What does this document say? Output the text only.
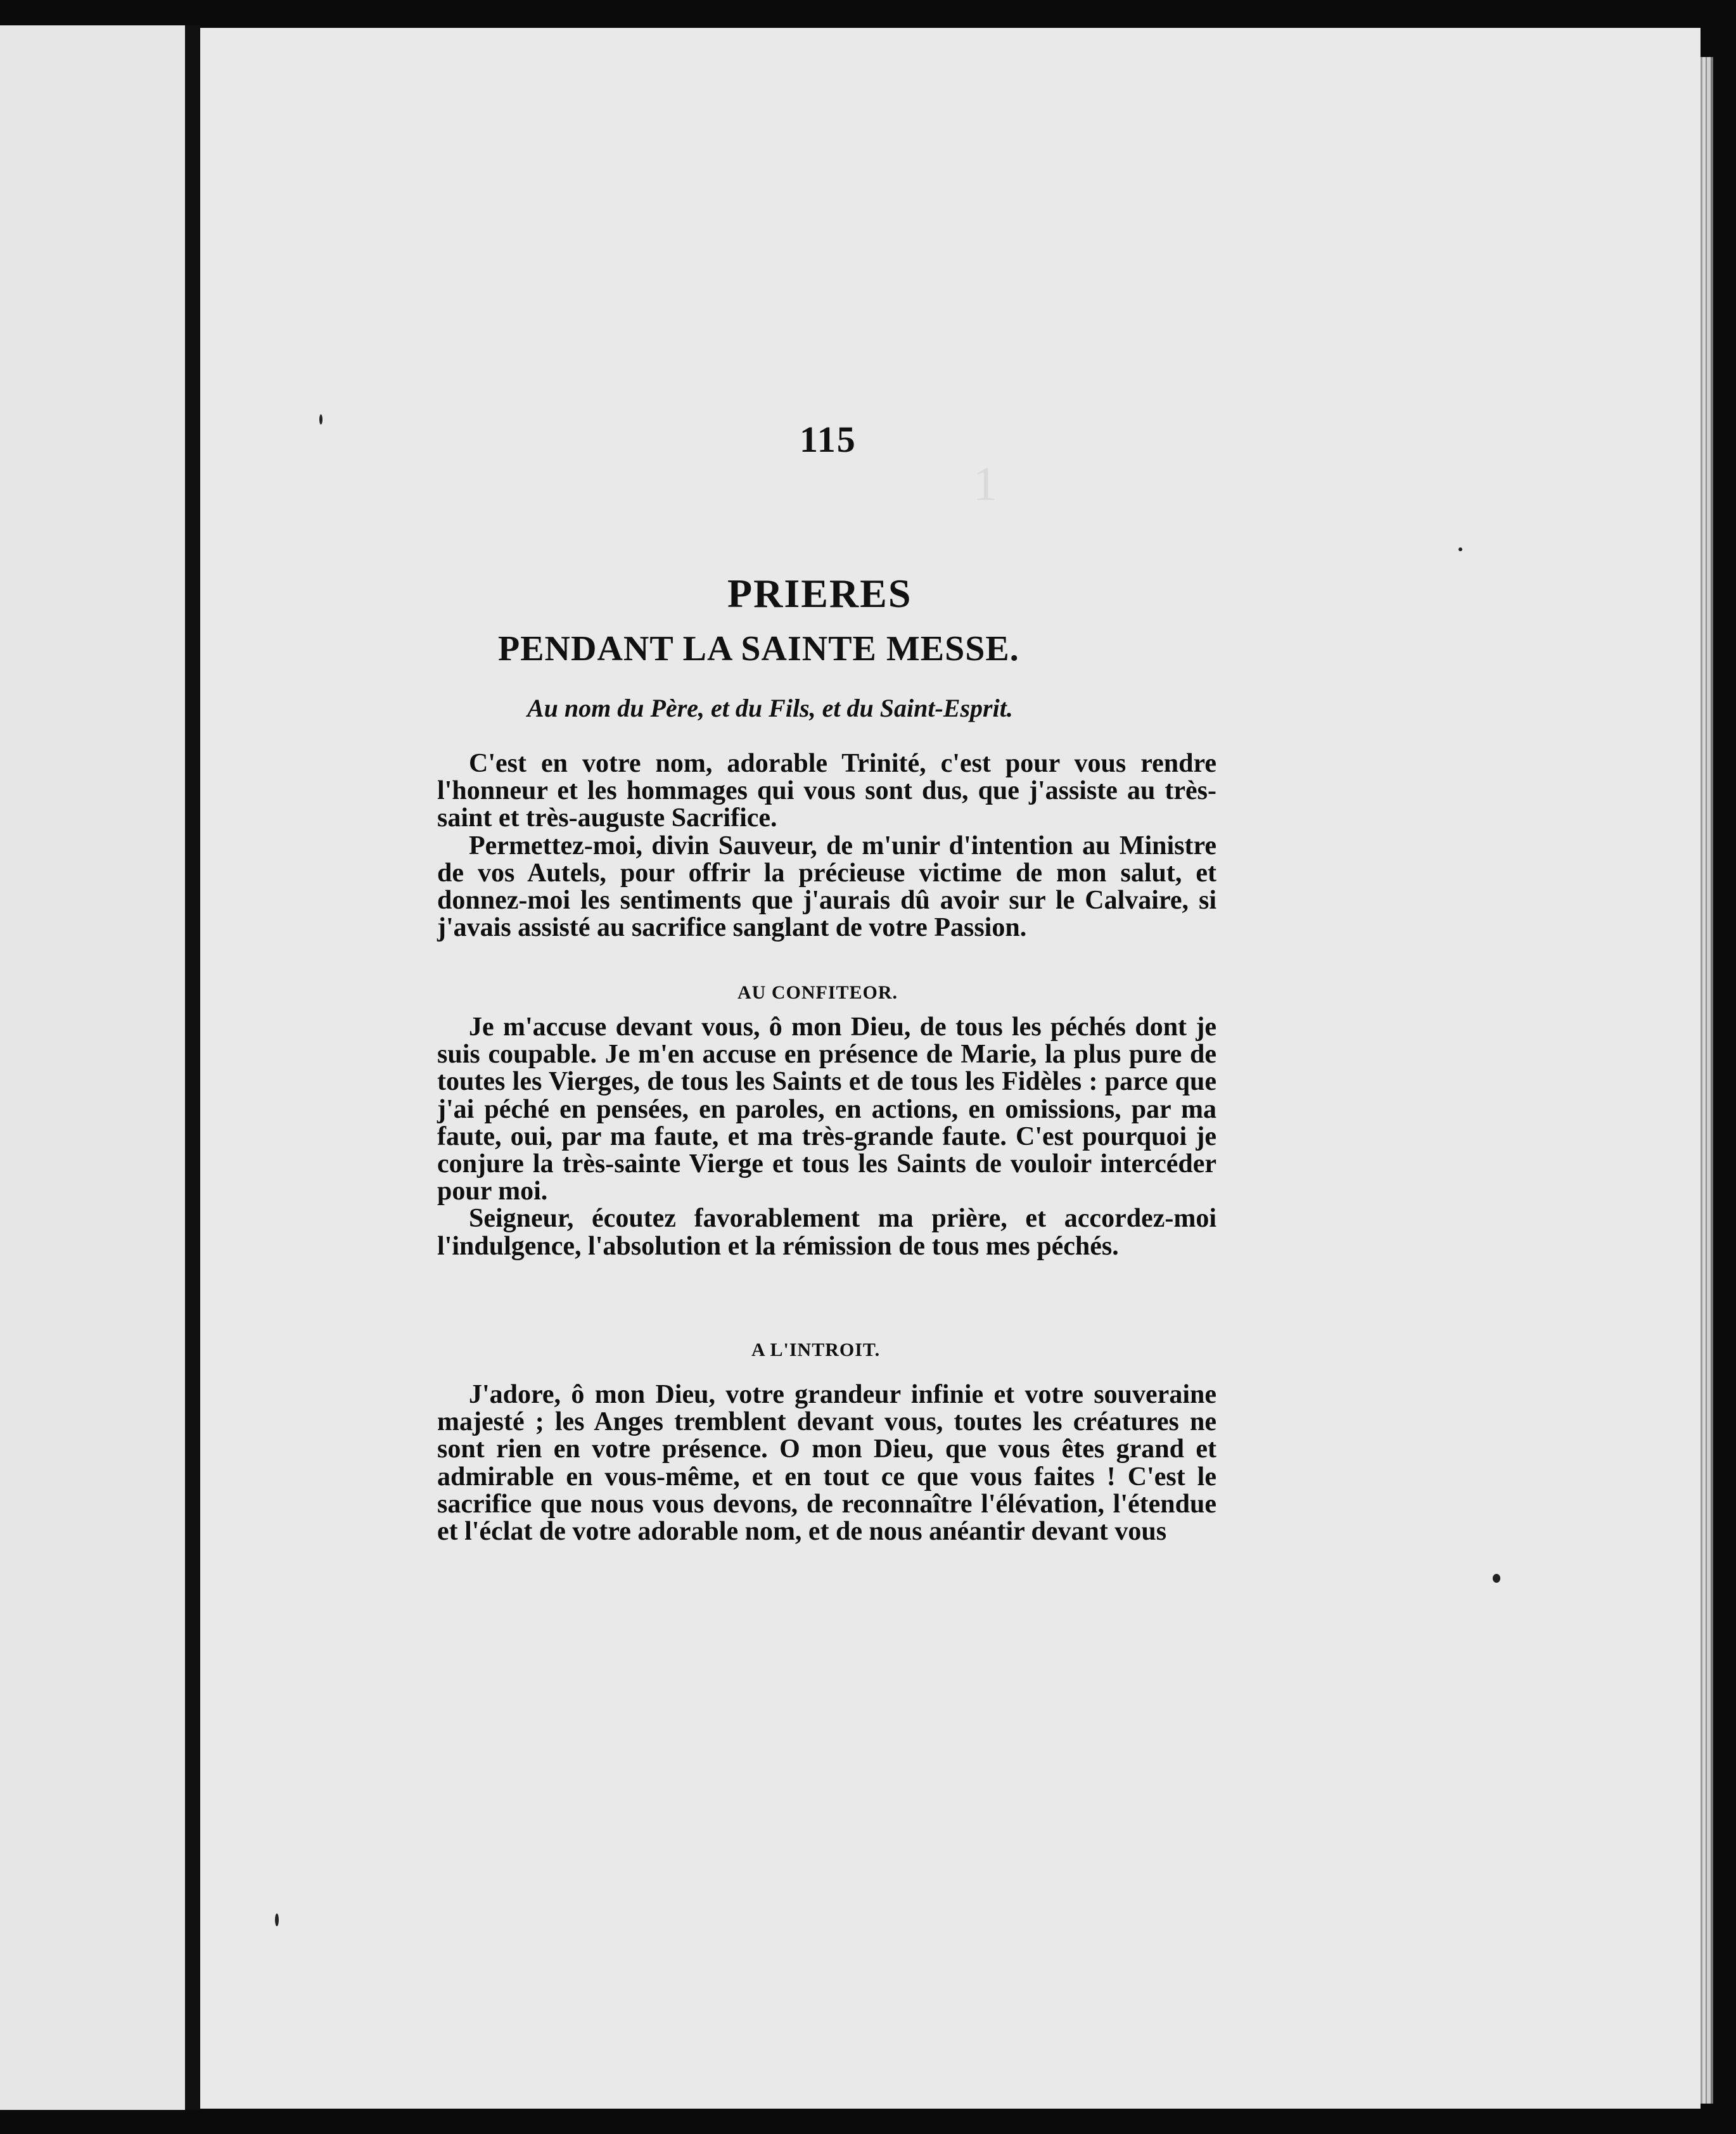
1

115
PRIERES
PENDANT LA SAINTE MESSE.
Au nom du Père, et du Fils, et du Saint-Esprit.

C'est en votre nom, adorable Trinité, c'est pour vous rendre l'honneur et les hommages qui vous sont dus, que j'assiste au très-saint et très-auguste Sacrifice.

Permettez-moi, divin Sauveur, de m'unir d'intention au Ministre de vos Autels, pour offrir la précieuse victime de mon salut, et donnez-moi les sentiments que j'aurais dû avoir sur le Calvaire, si j'avais assisté au sacrifice sanglant de votre Passion.

AU CONFITEOR.

Je m'accuse devant vous, ô mon Dieu, de tous les péchés dont je suis coupable. Je m'en accuse en présence de Marie, la plus pure de toutes les Vierges, de tous les Saints et de tous les Fidèles : parce que j'ai péché en pensées, en paroles, en actions, en omissions, par ma faute, oui, par ma faute, et ma très-grande faute. C'est pourquoi je conjure la très-sainte Vierge et tous les Saints de vouloir intercéder pour moi.

Seigneur, écoutez favorablement ma prière, et accordez-moi l'indulgence, l'absolution et la rémission de tous mes péchés.

A L'INTROIT.

J'adore, ô mon Dieu, votre grandeur infinie et votre souveraine majesté ; les Anges tremblent devant vous, toutes les créatures ne sont rien en votre présence. O mon Dieu, que vous êtes grand et admirable en vous-même, et en tout ce que vous faites ! C'est le sacrifice que nous vous devons, de reconnaître l'élévation, l'étendue et l'éclat de votre adorable nom, et de nous anéantir devant vous
